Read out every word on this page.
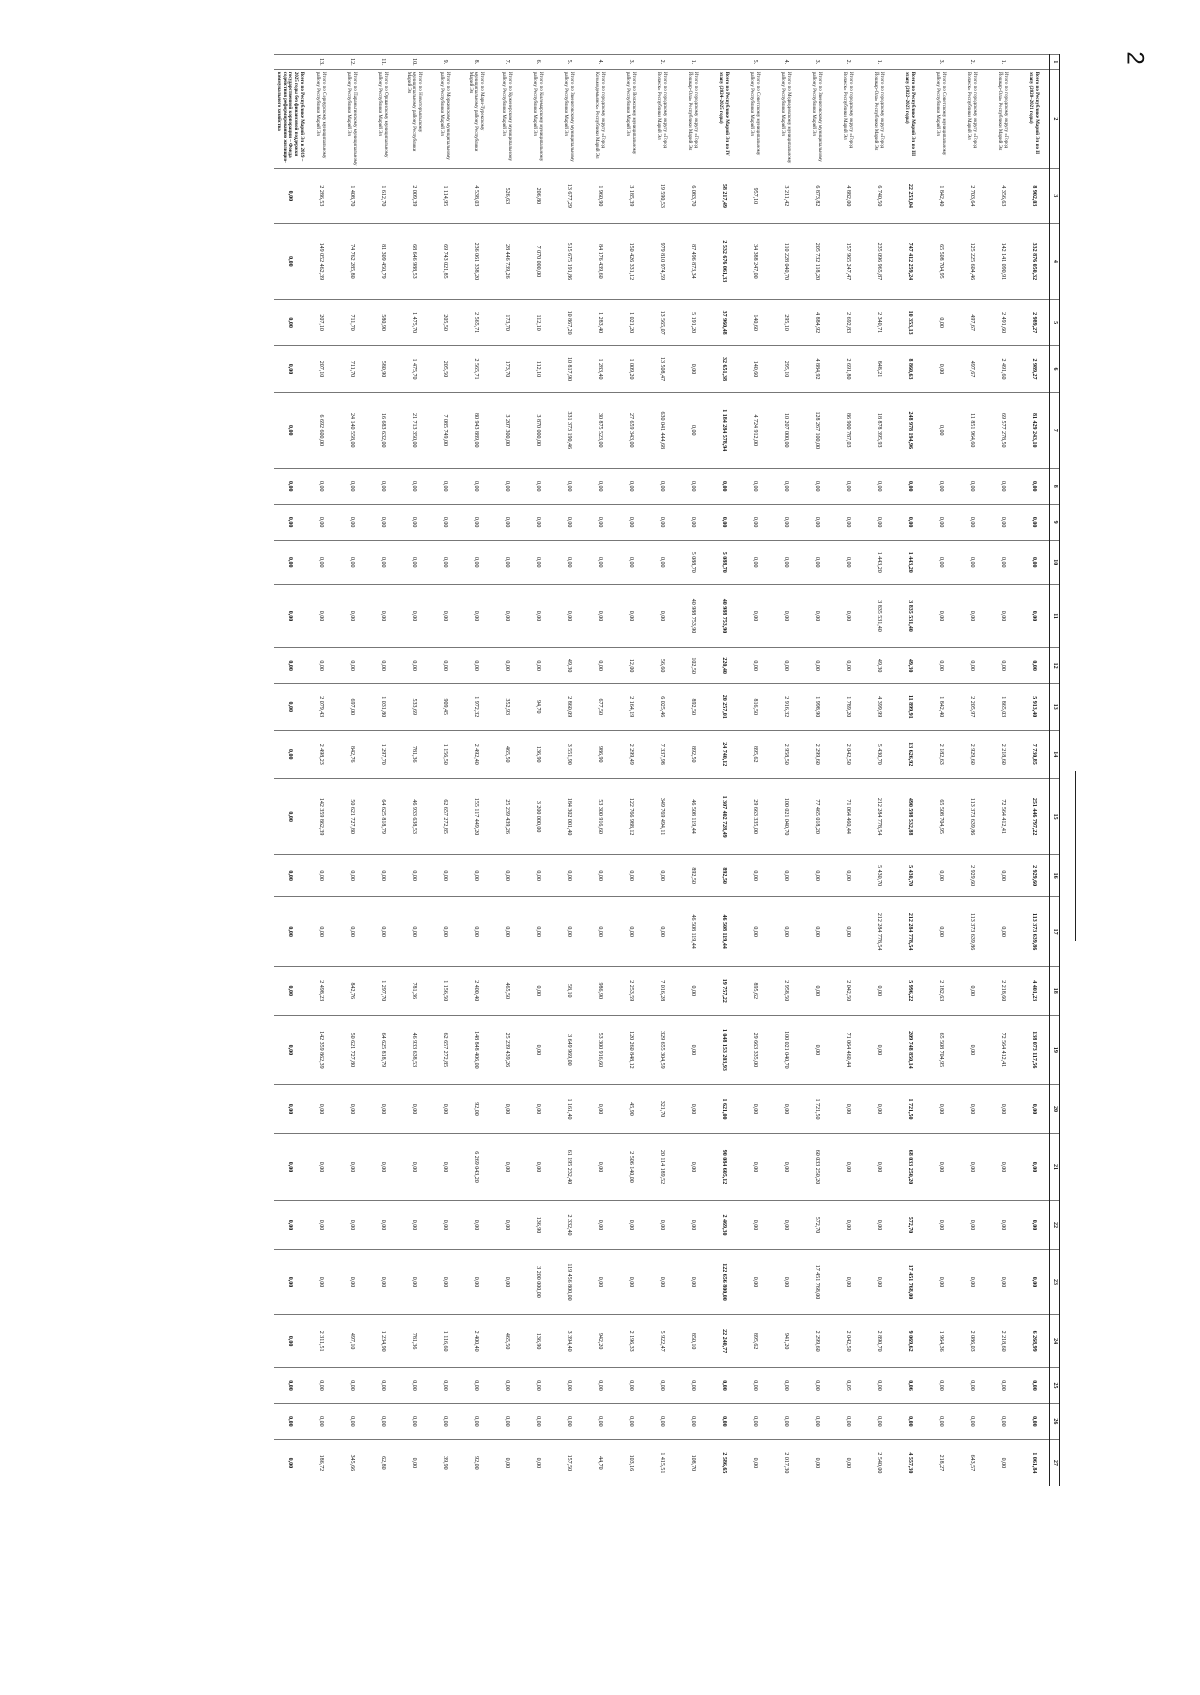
2
1	2	3	4	5	6	7	8	9	10	11	12	13	14	15	16	17	18	19	20	21	22	23	24	25	26	27
	Всего по Республике Марий Эл по II этапу (2020–2021 годы)	8 902,03	332 876 050,32	2 989,27	2 989,27	81 429 243,10	0,00	0,00	0,00	0,00	0,00	5 913,40	7 730,85	251 446 797,22	2 929,60	113 373 639,86	4 401,23	138 073 117,56	0,00	0,00	0,00	0,00	6 268,99	0,00	0,00	1 061,84
1.	Итого по городскому округу «Город Йошкар-Ола» Республики Марий Эл	4 356,63	142 141 090,91	2 491,60	2 491,60	69 577 278,50	0,00	0,00	0,00	0,00	0,00	1 865,03	2 218,60	72 564 412,41	0,00	0,00	2 218,60	72 564 412,41	0,00	0,00	0,00	0,00	2 218,60	0,00	0,00	0,00
2.	Итого по городскому округу «Город Волжск» Республики Марий Эл	2 703,64	125 225 604,46	497,67	497,67	11 851 964,60	0,00	0,00	0,00	0,00	0,00	2 205,97	2 929,60	113 373 639,86	2 929,60	113 373 639,86	0,00	0,00	0,00	0,00	0,00	0,00	2 086,03	0,00	0,00	643,57
3.	Итого по Советскому муниципальному району Республики Марий Эл	1 842,40	65 508 704,95	0,00	0,00	0,00	0,00	0,00	0,00	0,00	0,00	1 842,40	2 182,63	65 508 704,95	0,00	0,00	2 182,63	65 508 704,95	0,00	0,00	0,00	0,00	1 964,36	0,00	0,00	218,27
	Всего по Республике Марий Эл по III этапу (2022–2023 годы)	22 253,04	747 412 259,24	10 353,13	8 860,63	248 978 194,96	0,00	0,00	1 443,20	3 835 531,40	49,30	11 899,91	13 626,92	490 598 532,88	5 430,70	212 284 778,54	5 996,22	209 748 850,14	1 721,50	68 033 250,20	572,70	17 451 768,00	9 069,62	0,06	0,00	4 557,30
1.	Итого по городскому округу «Город Йошкар-Ола» Республики Марий Эл	6 740,50	235 096 965,87	2 340,71	848,21	18 878 395,93	0,00	0,00	1 443,20	3 835 531,40	49,30	4 399,99	5 430,70	212 284 778,54	5 430,70	212 284 778,54	0,00	0,00	0,00	0,00	0,00	0,00	2 890,70	0,00	0,00	2 540,00
2.	Итого по городскому округу «Город Волжск» Республики Марий Эл	4 882,00	157 965 247,47	2 692,83	2 691,80	86 900 787,03	0,00	0,00	0,00	0,00	0,00	1 789,20	2 042,50	71 064 460,44	0,00	0,00	2 042,50	71 064 460,44	0,00	0,00	0,00	0,00	2 042,50	0,05	0,00	0,00
3.	Итого по Звениговскому муниципальному району Республики Марий Эл	6 873,82	205 732 118,20	4 884,92	4 884,92	128 267 100,00	0,00	0,00	0,00	0,00	0,00	1 998,90	2 299,60	77 465 018,20	0,00	0,00	0,00	0,00	1 721,50	60 033 250,20	572,70	17 451 768,00	2 299,60	0,00	0,00	0,00
4.	Итого по Медведевскому муниципальному району Республики Марий Эл	3 211,42	110 228 040,70	295,10	295,10	10 207 000,00	0,00	0,00	0,00	0,00	0,00	2 916,32	2 958,50	100 021 040,70	0,00	0,00	2 958,50	100 021 040,70	0,00	0,00	0,00	0,00	941,20	0,00	0,00	2 017,30
5.	Итого по Советскому муниципальному району Республики Марий Эл	957,10	34 388 247,00	140,60	140,60	4 724 912,00	0,00	0,00	0,00	0,00	0,00	816,50	895,62	29 663 335,00	0,00	0,00	895,62	29 663 335,00	0,00	0,00	0,00	0,00	895,62	0,00	0,00	0,00
	Всего по Республике Марий Эл по IV этапу (2024–2025 годы)	58 217,49	2 532 676 061,33	37 960,48	32 651,38	1 184 284 578,94	0,00	0,00	5 088,70	40 988 753,90	220,40	20 257,01	24 740,12	1 307 402 728,49	892,50	46 508 119,44	19 757,22	1 048 153 203,93	1 621,00	90 084 605,12	2 469,30	122 656 800,00	22 240,77	0,00	0,00	2 586,65
1.	Итого по городскому округу «Город Йошкар-Ола» Республики Марий Эл	6 083,70	87 496 873,34	5 191,20	0,00	0,00	0,00	0,00	5 088,70	40 988 753,90	102,50	892,50	892,50	46 508 119,44	892,50	46 508 119,44	0,00	0,00	0,00	0,00	0,00	0,00	850,10	0,00	0,00	108,70
2.	Итого по городскому округу «Город Волжск» Республики Марий Эл	19 590,53	979 810 974,59	13 565,07	13 508,47	630 041 444,68	0,00	0,00	0,00	0,00	56,60	6 025,46	7 337,98	349 769 494,11	0,00	0,00	7 016,28	329 655 304,59	321,70	20 114 189,52	0,00	0,00	5 922,47	0,00	0,00	1 415,51
3.	Итого по Волжскому муниципальному району Республики Марий Эл	3 185,39	150 426 331,12	1 021,20	1 009,20	27 659 343,00	0,00	0,00	0,00	0,00	12,00	2 164,19	2 299,49	122 766 988,12	0,00	0,00	2 253,59	120 260 848,12	45,90	2 506 140,00	0,00	0,00	2 196,33	0,00	0,00	103,16
4.	Итого по городскому округу «Город Козьмодемьянск» Республики Марий Эл	1 960,90	84 176 439,60	1 283,40	1 283,40	30 875 523,00	0,00	0,00	0,00	0,00	0,00	677,50	986,90	53 300 916,60	0,00	0,00	986,90	53 300 916,60	0,00	0,00	0,00	0,00	942,20	0,00	0,00	44,70
5.	Итого по Звениговскому муниципальному району Республики Марий Эл	13 677,29	515 675 191,86	10 867,20	10 817,90	331 373 190,46	0,00	0,00	0,00	0,00	49,30	2 860,09	3 551,90	184 302 001,40	0,00	0,00	58,10	3 649 969,00	1 161,40	61 195 232,40	2 332,40	119 456 800,00	3 394,40	0,00	0,00	157,50
6.	Итого по Килемарскому муниципальному району Республики Марий Эл	206,80	7 070 000,00	112,10	112,10	3 870 000,00	0,00	0,00	0,00	0,00	0,00	94,70	136,90	3 200 000,00	0,00	0,00	0,00	0,00	0,00	0,00	136,90	3 200 000,00	136,90	0,00	0,00	0,00
7.	Итого по Куженерскому муниципальному району Республики Марий Эл	526,63	28 446 739,26	173,70	173,70	3 207 300,00	0,00	0,00	0,00	0,00	0,00	352,93	465,50	25 239 439,26	0,00	0,00	465,50	25 239 439,26	0,00	0,00	0,00	0,00	465,50	0,00	0,00	0,00
8.	Итого по Мари-Турекскому муниципальному району Республики Марий Эл	4 538,03	236 061 338,20	2 565,71	2 565,71	80 943 889,00	0,00	0,00	0,00	0,00	0,00	1 972,32	2 492,40	155 117 449,20	0,00	0,00	2 400,40	148 848 406,00	92,00	6 269 043,20	0,00	0,00	2 400,40	0,00	0,00	92,00
9.	Итого по Моркинскому муниципальному району Республики Марий Эл	1 114,95	69 743 021,85	205,50	205,50	7 085 749,00	0,00	0,00	0,00	0,00	0,00	909,45	1 156,50	62 657 272,85	0,00	0,00	1 156,50	62 657 272,85	0,00	0,00	0,00	0,00	1 116,60	0,00	0,00	39,90
10.	Итого по Новоторъяльскому муниципальному району Республики Марий Эл	2 009,39	68 646 988,53	1 475,70	1 475,70	21 713 350,00	0,00	0,00	0,00	0,00	0,00	533,69	781,36	46 933 638,53	0,00	0,00	781,36	46 933 638,53	0,00	0,00	0,00	0,00	781,36	0,00	0,00	0,00
11.	Итого по Оршанскому муниципальному району Республики Марий Эл	1 612,70	81 309 450,79	580,90	580,90	16 683 632,00	0,00	0,00	0,00	0,00	0,00	1 031,80	1 297,70	64 625 818,79	0,00	0,00	1 297,70	64 625 818,79	0,00	0,00	0,00	0,00	1 234,90	0,00	0,00	62,80
12.	Итого по Параньгинскому муниципальному району Республики Марий Эл	1 408,70	74 762 285,80	711,70	711,70	24 140 558,00	0,00	0,00	0,00	0,00	0,00	697,00	842,76	50 621 727,80	0,00	0,00	842,76	50 621 727,80	0,00	0,00	0,00	0,00	497,10	0,00	0,00	345,66
13.	Итого по Сернурскому муниципальному району Республики Марий Эл	2 286,53	149 052 462,39	207,10	207,10	6 692 600,00	0,00	0,00	0,00	0,00	0,00	2 079,43	2 498,23	142 359 862,39	0,00	0,00	2 498,23	142 359 862,39	0,00	0,00	0,00	0,00	2 311,51	0,00	0,00	186,72
	Всего по Республике Марий Эл в 2019 – 2025 годы без финансовой поддержки государственной корпорации – Фонда содействия реформированию жилищно-коммунального хозяйства	0,00	0,00	0,00	0,00	0,00	0,00	0,00	0,00	0,00	0,00	0,00	0,00	0,00	0,00	0,00	0,00	0,00	0,00	0,00	0,00	0,00	0,00	0,00	0,00	0,00
